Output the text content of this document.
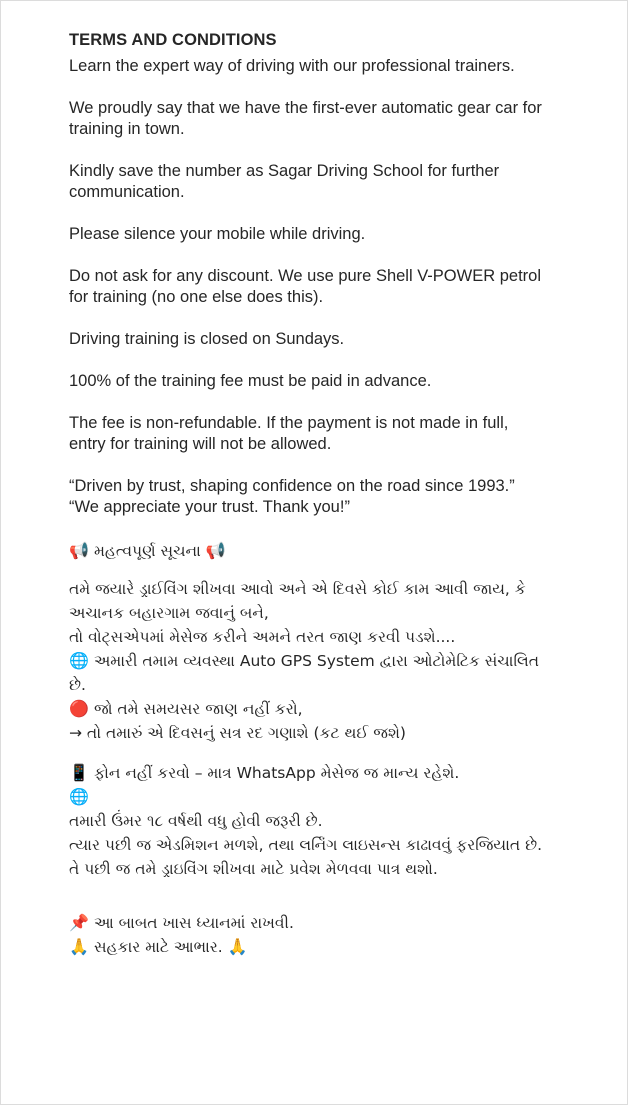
TERMS AND CONDITIONS
Learn the expert way of driving with our professional trainers.
We proudly say that we have the first-ever automatic gear car for training in town.
Kindly save the number as Sagar Driving School for further communication.
Please silence your mobile while driving.
Do not ask for any discount. We use pure Shell V-POWER petrol for training (no one else does this).
Driving training is closed on Sundays.
100% of the training fee must be paid in advance.
The fee is non-refundable. If the payment is not made in full, entry for training will not be allowed.
“Driven by trust, shaping confidence on the road since 1993.”
“We appreciate your trust. Thank you!”
📢 મહત્વપૂર્ણ સૂચના 📢
તમે જયારે ડ્રાઈવિંગ શીખવા આવો અને એ દિવસે કોઈ કામ આવી જાય, કે અચાનક બહારગામ જવાનું બને,
તો વોટ્સએપમાં મેસેજ કરીને અમને તરત જાણ કરવી પડશે....
🌐 અમારી તમામ વ્યવસ્થા Auto GPS System દ્વારા ઓટોમેટિક સંચાલિત છે.
🔴 જો તમે સમયસર જાણ નહીં કરો,
→ તો તમારું એ દિવસનું સત્ર રદ ગણાશે (કટ થઈ જશે)
📱 ફોન નહીં કરવો – માત્ર WhatsApp મેસેજ જ માન્ય રહેશે.
🌐
તમારી ઉંમર ૧૮ વર્ષથી વધુ હોવી જરૂરી છે.
ત્યાર પછી જ એડમિશન મળશે, તથા લર્નિંગ લાઇસન્સ કાઢાવવું ફરજિયાત છે.
તે પછી જ તમે ડ્રાઇવિંગ શીખવા માટે પ્રવેશ મેળવવા પાત્ર થશો.
📌 આ બાબત ખાસ ધ્યાનમાં રાખવી.
🙏 સહકાર માટે આભાર. 🙏
